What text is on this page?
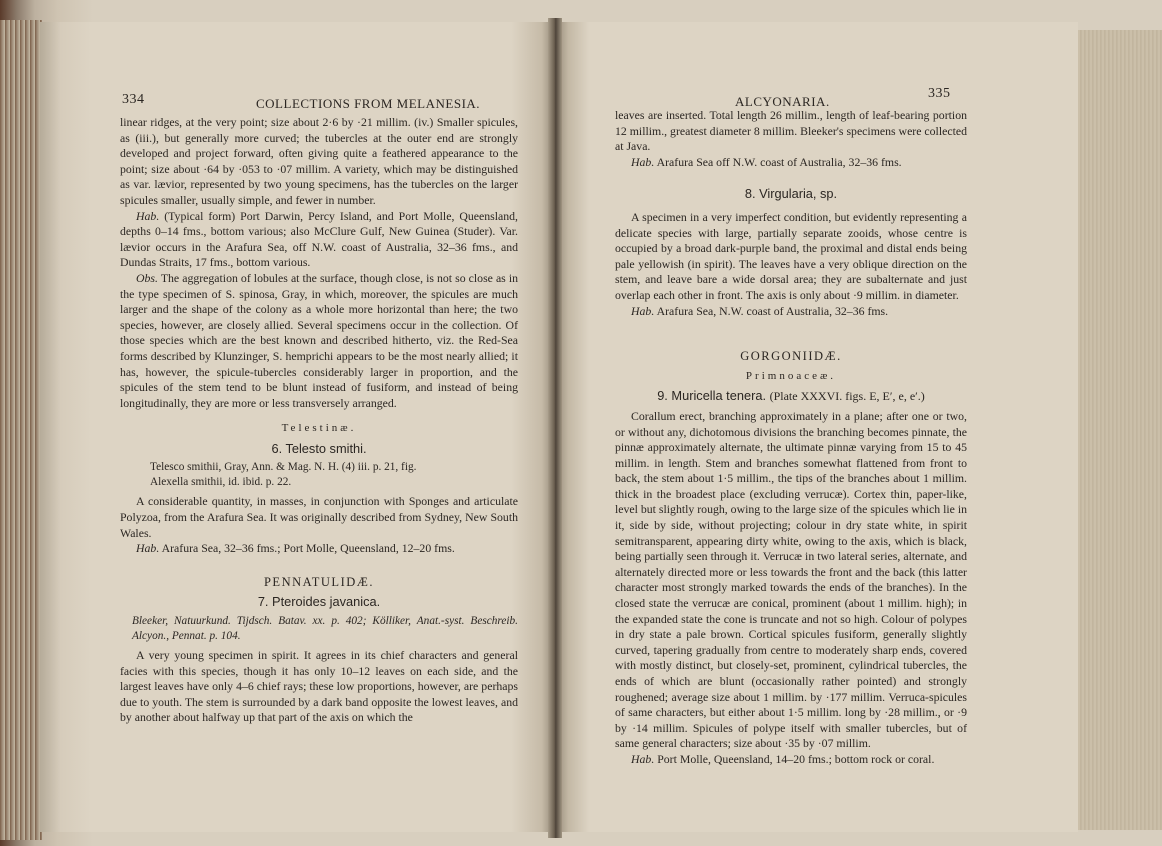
334	COLLECTIONS FROM MELANESIA.

linear ridges, at the very point; size about 2·6 by ·21 millim. (iv.) Smaller spicules, as (iii.), but generally more curved; the tubercles at the outer end are strongly developed and project forward, often giving quite a feathered appearance to the point; size about ·64 by ·053 to ·07 millim. A variety, which may be distinguished as var. lævior, represented by two young specimens, has the tubercles on the larger spicules smaller, usually simple, and fewer in number.

Hab. (Typical form) Port Darwin, Percy Island, and Port Molle, Queensland, depths 0–14 fms., bottom various; also McClure Gulf, New Guinea (Studer). Var. lævior occurs in the Arafura Sea, off N.W. coast of Australia, 32–36 fms., and Dundas Straits, 17 fms., bottom various.

Obs. The aggregation of lobules at the surface, though close, is not so close as in the type specimen of S. spinosa, Gray, in which, moreover, the spicules are much larger and the shape of the colony as a whole more horizontal than here; the two species, however, are closely allied. Several specimens occur in the collection. Of those species which are the best known and described hitherto, viz. the Red-Sea forms described by Klunzinger, S. hemprichi appears to be the most nearly allied; it has, however, the spicule-tubercles considerably larger in proportion, and the spicules of the stem tend to be blunt instead of fusiform, and instead of being longitudinally, they are more or less transversely arranged.

Telestinæ.
6. Telesto smithi.
Telesco smithii, Gray, Ann. & Mag. N. H. (4) iii. p. 21, fig.
Alexella smithii, id. ibid. p. 22.

A considerable quantity, in masses, in conjunction with Sponges and articulate Polyzoa, from the Arafura Sea. It was originally described from Sydney, New South Wales.

Hab. Arafura Sea, 32–36 fms.; Port Molle, Queensland, 12–20 fms.

PENNATULIDÆ.
7. Pteroides javanica.
Bleeker, Natuurkund. Tijdsch. Batav. xx. p. 402; Kölliker, Anat.-syst. Beschreib. Alcyon., Pennat. p. 104.

A very young specimen in spirit. It agrees in its chief characters and general facies with this species, though it has only 10–12 leaves on each side, and the largest leaves have only 4–6 chief rays; these low proportions, however, are perhaps due to youth. The stem is surrounded by a dark band opposite the lowest leaves, and by another about halfway up that part of the axis on which the

ALCYONARIA.
335

leaves are inserted. Total length 26 millim., length of leaf-bearing portion 12 millim., greatest diameter 8 millim. Bleeker's specimens were collected at Java.

Hab. Arafura Sea off N.W. coast of Australia, 32–36 fms.

8. Virgularia, sp.

A specimen in a very imperfect condition, but evidently representing a delicate species with large, partially separate zooids, whose centre is occupied by a broad dark-purple band, the proximal and distal ends being pale yellowish (in spirit). The leaves have a very oblique direction on the stem, and leave bare a wide dorsal area; they are subalternate and just overlap each other in front. The axis is only about ·9 millim. in diameter.

Hab. Arafura Sea, N.W. coast of Australia, 32–36 fms.

GORGONIIDÆ.
Primnoaceæ.
9. Muricella tenera. (Plate XXXVI. figs. E, E′, e, e′.)

Corallum erect, branching approximately in a plane; after one or two, or without any, dichotomous divisions the branching becomes pinnate, the pinnæ approximately alternate, the ultimate pinnæ varying from 15 to 45 millim. in length. Stem and branches somewhat flattened from front to back, the stem about 1·5 millim., the tips of the branches about 1 millim. thick in the broadest place (excluding verrucæ). Cortex thin, paper-like, level but slightly rough, owing to the large size of the spicules which lie in it, side by side, without projecting; colour in dry state white, in spirit semitransparent, appearing dirty white, owing to the axis, which is black, being partially seen through it. Verrucæ in two lateral series, alternate, and alternately directed more or less towards the front and the back (this latter character most strongly marked towards the ends of the branches). In the closed state the verrucæ are conical, prominent (about 1 millim. high); in the expanded state the cone is truncate and not so high. Colour of polypes in dry state a pale brown. Cortical spicules fusiform, generally slightly curved, tapering gradually from centre to moderately sharp ends, covered with mostly distinct, but closely-set, prominent, cylindrical tubercles, the ends of which are blunt (occasionally rather pointed) and strongly roughened; average size about 1 millim. by ·177 millim. Verruca-spicules of same characters, but either about 1·5 millim. long by ·28 millim., or ·9 by ·14 millim. Spicules of polype itself with smaller tubercles, but of same general characters; size about ·35 by ·07 millim.

Hab. Port Molle, Queensland, 14–20 fms.; bottom rock or coral.
